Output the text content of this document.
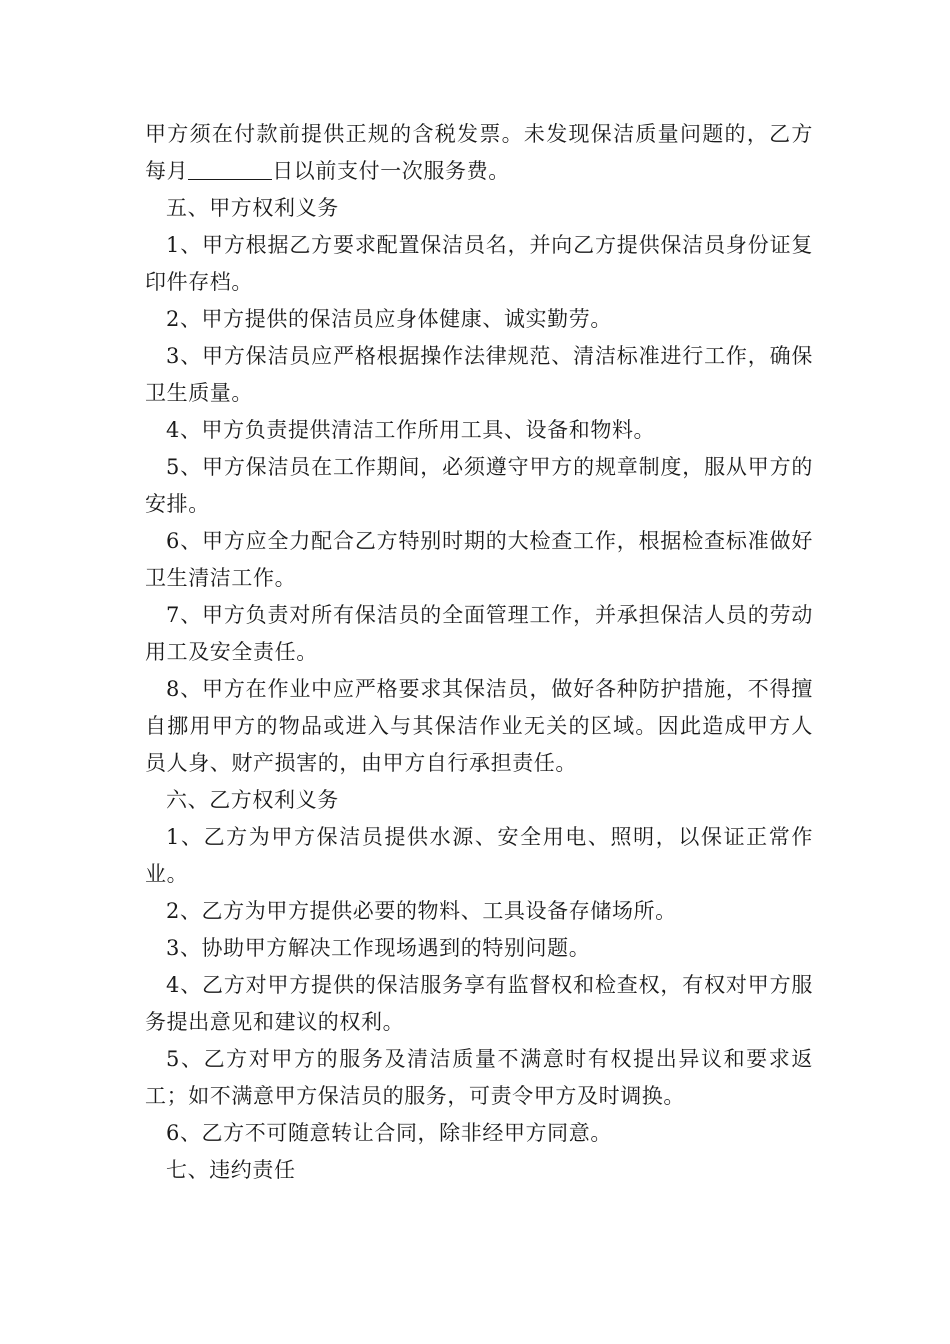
甲方须在付款前提供正规的含税发票。未发现保洁质量问题的，乙方每月	日以前支付一次服务费。

五、甲方权利义务

1、甲方根据乙方要求配置保洁员名，并向乙方提供保洁员身份证复印件存档。

2、甲方提供的保洁员应身体健康、诚实勤劳。

3、甲方保洁员应严格根据操作法律规范、清洁标准进行工作，确保卫生质量。

4、甲方负责提供清洁工作所用工具、设备和物料。

5、甲方保洁员在工作期间，必须遵守甲方的规章制度，服从甲方的安排。

6、甲方应全力配合乙方特别时期的大检查工作，根据检查标准做好卫生清洁工作。

7、甲方负责对所有保洁员的全面管理工作，并承担保洁人员的劳动用工及安全责任。

8、甲方在作业中应严格要求其保洁员，做好各种防护措施，不得擅自挪用甲方的物品或进入与其保洁作业无关的区域。因此造成甲方人员人身、财产损害的，由甲方自行承担责任。

六、乙方权利义务

1、乙方为甲方保洁员提供水源、安全用电、照明，以保证正常作业。

2、乙方为甲方提供必要的物料、工具设备存储场所。

3、协助甲方解决工作现场遇到的特别问题。

4、乙方对甲方提供的保洁服务享有监督权和检查权，有权对甲方服务提出意见和建议的权利。

5、乙方对甲方的服务及清洁质量不满意时有权提出异议和要求返工；如不满意甲方保洁员的服务，可责令甲方及时调换。

6、乙方不可随意转让合同，除非经甲方同意。

七、违约责任
